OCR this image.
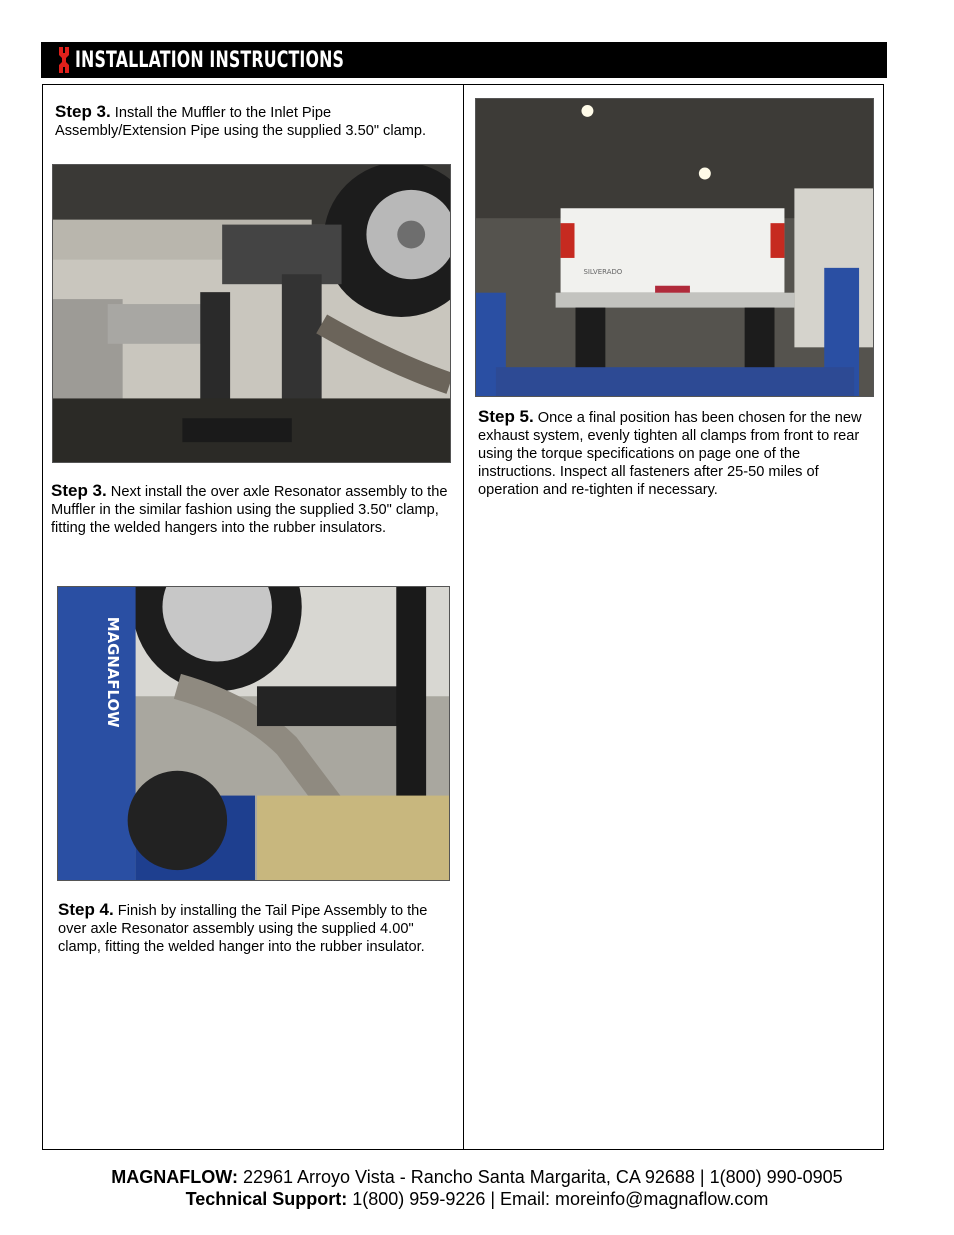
INSTALLATION INSTRUCTIONS
Step 3. Install the Muffler to the Inlet Pipe Assembly/Extension Pipe using the supplied 3.50" clamp.
Step 3. Next install the over axle Resonator assembly to the Muffler in the similar fashion using the supplied 3.50" clamp, fitting the welded hangers into the rubber insulators.
MAGNAFLOW
Step 4. Finish by installing the Tail Pipe Assembly to the over axle Resonator assembly using the supplied 4.00" clamp, fitting the welded hanger into the rubber insulator.
SILVERADO
Step 5. Once a final position has been chosen for the new exhaust system, evenly tighten all clamps from front to rear using the torque specifications on page one of the instructions. Inspect all fasteners after 25-50 miles of operation and re-tighten if necessary.
MAGNAFLOW: 22961 Arroyo Vista - Rancho Santa Margarita, CA 92688 | 1(800) 990-0905
Technical Support: 1(800) 959-9226 | Email: moreinfo@magnaflow.com
